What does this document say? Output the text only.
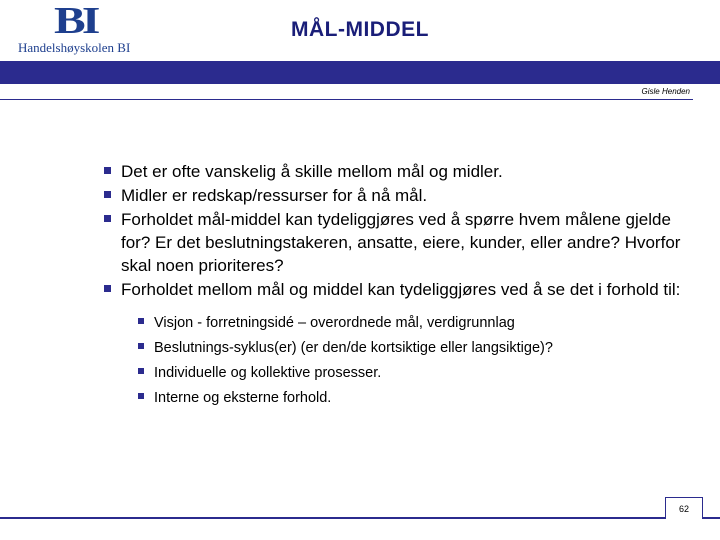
BI
Handelshøyskolen BI
MÅL-MIDDEL
Gisle Henden
Det er ofte vanskelig å skille mellom mål og midler.
Midler er redskap/ressurser for å nå mål.
Forholdet mål-middel kan tydeliggjøres ved å spørre hvem målene gjelde for? Er det beslutningstakeren, ansatte, eiere, kunder, eller andre? Hvorfor skal noen prioriteres?
Forholdet mellom mål og middel kan tydeliggjøres ved å se det i forhold til:
Visjon - forretningsidé – overordnede mål, verdigrunnlag
Beslutnings-syklus(er) (er den/de kortsiktige eller langsiktige)?
Individuelle og kollektive prosesser.
Interne og eksterne forhold.
62
